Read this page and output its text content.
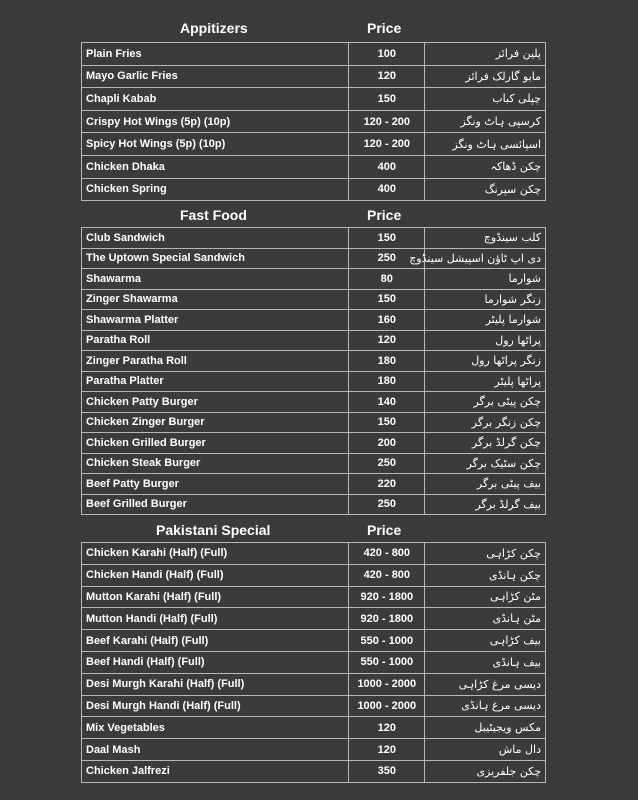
Appitizers	Price
Plain Fries	100	پلین فرائز
Mayo Garlic Fries	120	مایو گارلک فرائز
Chapli Kabab	150	چپلی کباب
Crispy Hot Wings (5p) (10p)	120 - 200	کرسپی ہاٹ ونگز
Spicy Hot Wings (5p) (10p)	120 - 200	اسپائسی ہاٹ ونگز
Chicken Dhaka	400	چکن ڈھاکہ
Chicken Spring	400	چکن سپرنگ
Fast Food	Price
Club Sandwich	150	کلب سینڈوچ
The Uptown Special Sandwich	250	دی اپ ٹاؤن اسپیشل سینڈوچ
Shawarma	80	شوارما
Zinger Shawarma	150	زنگر شوارما
Shawarma Platter	160	شوارما پلیٹر
Paratha Roll	120	پراٹھا رول
Zinger Paratha Roll	180	زنگر پراٹھا رول
Paratha Platter	180	پراٹھا پلیٹر
Chicken Patty Burger	140	چکن پیٹی برگر
Chicken Zinger Burger	150	چکن زنگر برگر
Chicken Grilled Burger	200	چکن گرلڈ برگر
Chicken Steak Burger	250	چکن سٹیک برگر
Beef Patty Burger	220	بیف پیٹی برگر
Beef Grilled Burger	250	بیف گرلڈ برگر
Pakistani Special	Price
Chicken Karahi (Half) (Full)	420 - 800	چکن کڑاہی
Chicken Handi (Half) (Full)	420 - 800	چکن ہانڈی
Mutton Karahi (Half) (Full)	920 - 1800	مٹن کڑاہی
Mutton Handi (Half) (Full)	920 - 1800	مٹن ہانڈی
Beef Karahi (Half) (Full)	550 - 1000	بیف کڑاہی
Beef Handi (Half) (Full)	550 - 1000	بیف ہانڈی
Desi Murgh Karahi (Half) (Full)	1000 - 2000	دیسی مرغ کڑاہی
Desi Murgh Handi (Half) (Full)	1000 - 2000	دیسی مرغ ہانڈی
Mix Vegetables	120	مکس ویجیٹیبل
Daal Mash	120	دال ماش
Chicken Jalfrezi	350	چکن جلفریزی
